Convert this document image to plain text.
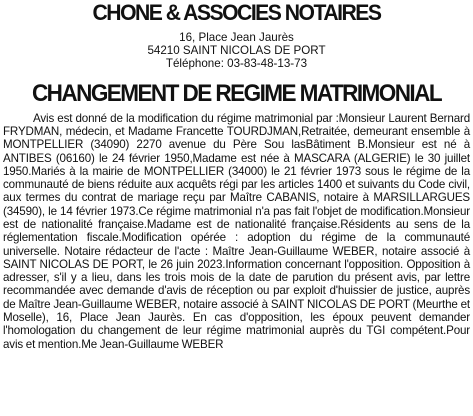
CHONE & ASSOCIES NOTAIRES
16, Place Jean Jaurès
54210 SAINT NICOLAS DE PORT
Téléphone: 03-83-48-13-73
CHANGEMENT DE REGIME MATRIMONIAL

Avis est donné de la modification du régime matrimonial par :Monsieur Laurent Bernard FRYDMAN, médecin, et Madame Francette TOURDJMAN,Retraitée, demeurant ensemble à MONTPELLIER (34090) 2270 avenue du Père Sou lasBâtiment B.Monsieur est né à ANTIBES (06160) le 24 février 1950,Madame est née à MASCARA (ALGERIE) le 30 juillet 1950.Mariés à la mairie de MONTPELLIER (34000) le 21 février 1973 sous le régime de la communauté de biens réduite aux acquêts régi par les articles 1400 et suivants du Code civil, aux termes du contrat de mariage reçu par Maître CABANIS, notaire à MARSILLARGUES (34590), le 14 février 1973.Ce régime matrimonial n'a pas fait l'objet de modification.Monsieur est de nationalité française.Madame est de nationalité française.Résidents au sens de la réglementation fiscale.Modification opérée : adoption du régime de la communauté universelle. Notaire rédacteur de l'acte : Maître Jean-Guillaume WEBER, notaire associé à SAINT NICOLAS DE PORT, le 26 juin 2023.Information concernant l'opposition. Opposition à adresser, s'il y a lieu, dans les trois mois de la date de parution du présent avis, par lettre recommandée avec demande d'avis de réception ou par exploit d'huissier de justice, auprès de Maître Jean-Guillaume WEBER, notaire associé à SAINT NICOLAS DE PORT (Meurthe et Moselle), 16, Place Jean Jaurès. En cas d'opposition, les époux peuvent demander l'homologation du changement de leur régime matrimonial auprès du TGI compétent.Pour avis et mention.Me Jean-Guillaume WEBER
